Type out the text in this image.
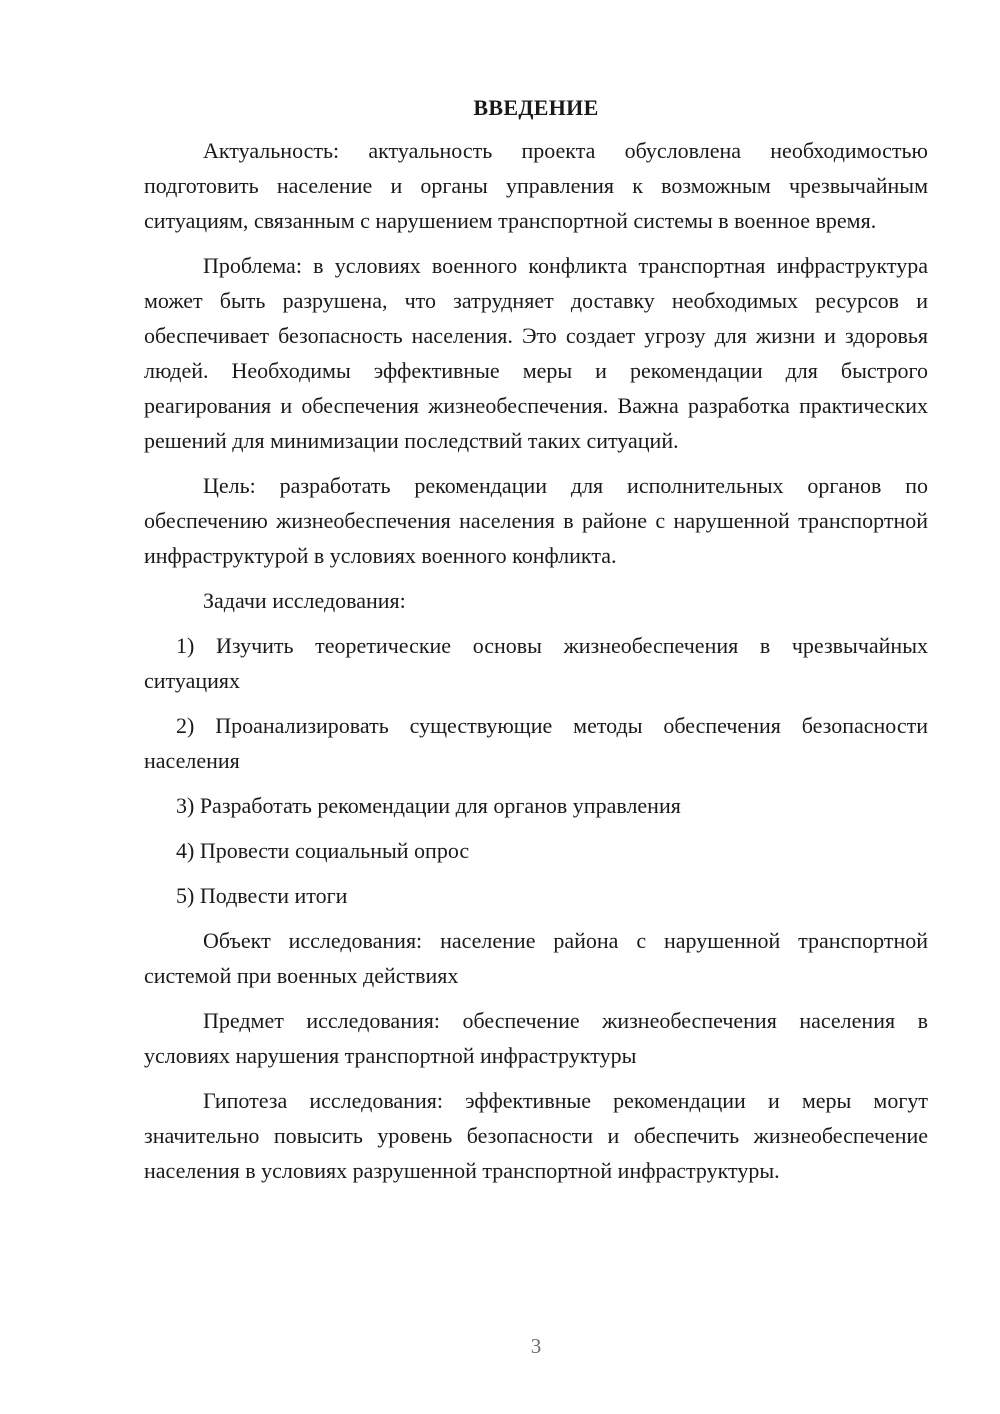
ВВЕДЕНИЕ

Актуальность: актуальность проекта обусловлена необходимостью подготовить население и органы управления к возможным чрезвычайным ситуациям, связанным с нарушением транспортной системы в военное время.

Проблема: в условиях военного конфликта транспортная инфраструктура может быть разрушена, что затрудняет доставку необходимых ресурсов и обеспечивает безопасность населения. Это создает угрозу для жизни и здоровья людей. Необходимы эффективные меры и рекомендации для быстрого реагирования и обеспечения жизнеобеспечения. Важна разработка практических решений для минимизации последствий таких ситуаций.

Цель: разработать рекомендации для исполнительных органов по обеспечению жизнеобеспечения населения в районе с нарушенной транспортной инфраструктурой в условиях военного конфликта.

Задачи исследования:

1) Изучить теоретические основы жизнеобеспечения в чрезвычайных ситуациях

2) Проанализировать существующие методы обеспечения безопасности населения

3) Разработать рекомендации для органов управления

4) Провести социальный опрос

5) Подвести итоги

Объект исследования: население района с нарушенной транспортной системой при военных действиях

Предмет исследования: обеспечение жизнеобеспечения населения в условиях нарушения транспортной инфраструктуры

Гипотеза исследования: эффективные рекомендации и меры могут значительно повысить уровень безопасности и обеспечить жизнеобеспечение населения в условиях разрушенной транспортной инфраструктуры.

3
